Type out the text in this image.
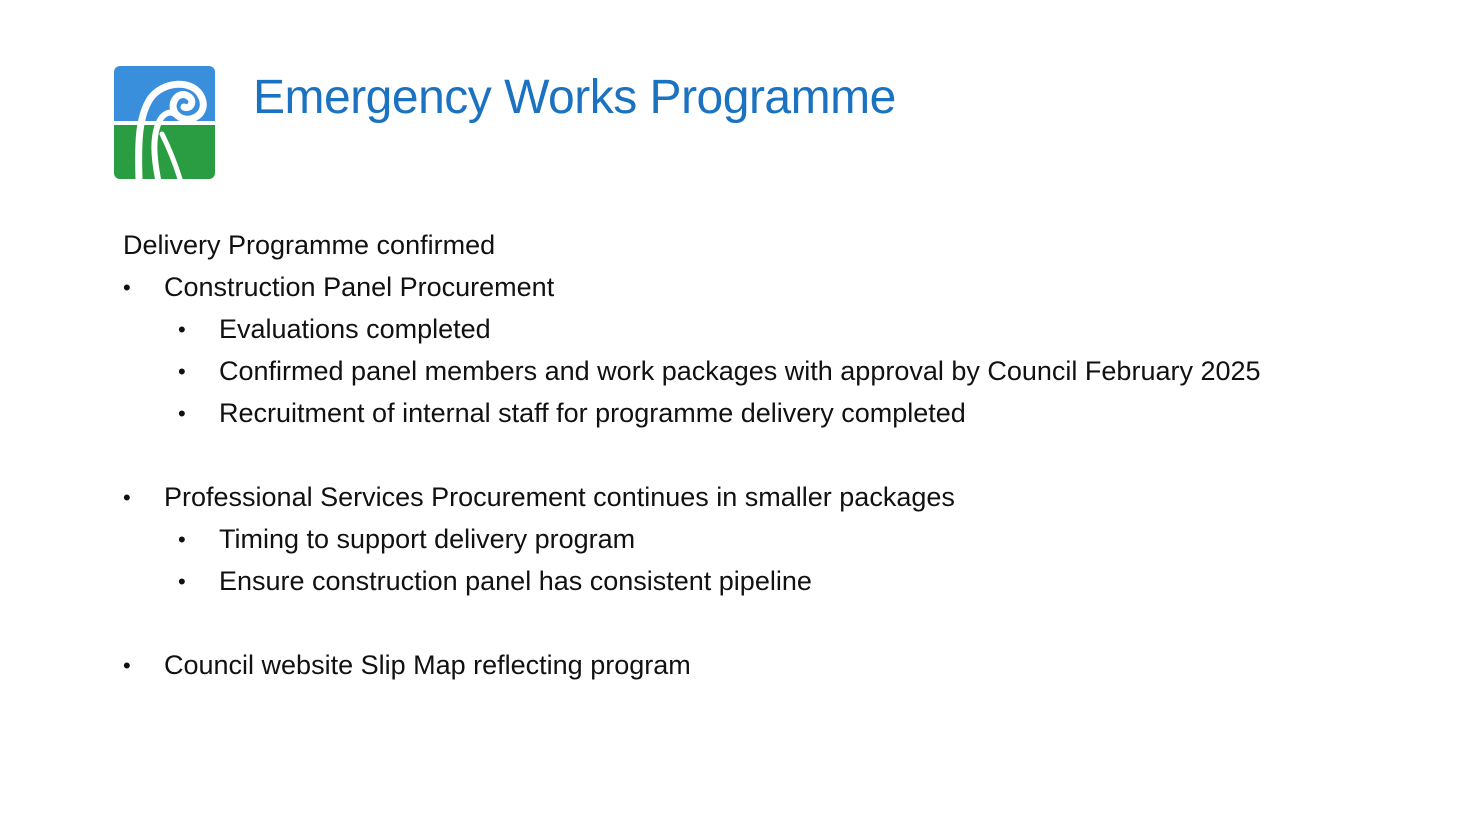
Emergency Works Programme

Delivery Programme confirmed

• Construction Panel Procurement
• Evaluations completed
• Confirmed panel members and work packages with approval by Council February 2025
• Recruitment of internal staff for programme delivery completed
• Professional Services Procurement continues in smaller packages
• Timing to support delivery program
• Ensure construction panel has consistent pipeline
• Council website Slip Map reflecting program
